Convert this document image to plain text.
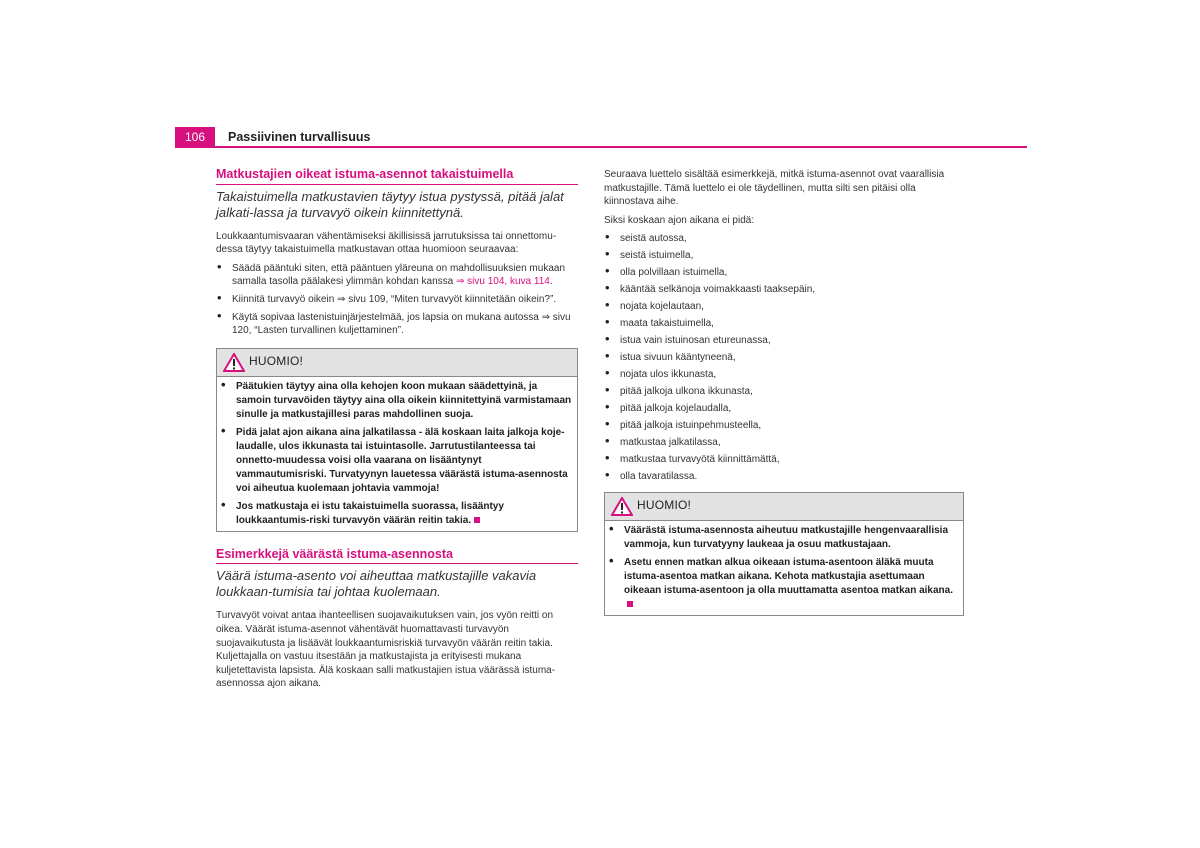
106	Passiivinen turvallisuus
Matkustajien oikeat istuma-asennot takaistuimella
Takaistuimella matkustavien täytyy istua pystyssä, pitää jalat jalkati-lassa ja turvavyö oikein kiinnitettynä.

Loukkaantumisvaaran vähentämiseksi äkillisissä jarrutuksissa tai onnettomu-dessa täytyy takaistuimella matkustavan ottaa huomioon seuraavaa:

• Säädä pääntuki siten, että pääntuen yläreuna on mahdollisuuksien mukaan samalla tasolla päälakesi ylimmän kohdan kanssa ⇒ sivu 104, kuva 114.
• Kiinnitä turvavyö oikein ⇒ sivu 109, “Miten turvavyöt kiinnitetään oikein?”.
• Käytä sopivaa lastenistuinjärjestelmää, jos lapsia on mukana autossa ⇒ sivu 120, “Lasten turvallinen kuljettaminen”.
HUOMIO!
• Päätukien täytyy aina olla kehojen koon mukaan säädettyinä, ja samoin turvavöiden täytyy aina olla oikein kiinnitettyinä varmistamaan sinulle ja matkustajillesi paras mahdollinen suoja.
• Pidä jalat ajon aikana aina jalkatilassa - älä koskaan laita jalkoja koje-laudalle, ulos ikkunasta tai istuintasolle. Jarrutustilanteessa tai onnetto-muudessa voisi olla vaarana on lisääntynyt vammautumisriski. Turvatyynyn lauetessa väärästä istuma-asennosta voi aiheutua kuolemaan johtavia vammoja!
• Jos matkustaja ei istu takaistuimella suorassa, lisääntyy loukkaantumis-riski turvavyön väärän reitin takia.
Esimerkkejä väärästä istuma-asennosta
Väärä istuma-asento voi aiheuttaa matkustajille vakavia loukkaan-tumisia tai johtaa kuolemaan.

Turvavyöt voivat antaa ihanteellisen suojavaikutuksen vain, jos vyön reitti on oikea. Väärät istuma-asennot vähentävät huomattavasti turvavyön suojavaikutusta ja lisäävät loukkaantumisriskiä turvavyön väärän reitin takia. Kuljettajalla on vastuu itsestään ja matkustajista ja erityisesti mukana kuljetettavista lapsista. Älä koskaan salli matkustajien istua väärässä istuma-asennossa ajon aikana.

Seuraava luettelo sisältää esimerkkejä, mitkä istuma-asennot ovat vaarallisia matkustajille. Tämä luettelo ei ole täydellinen, mutta silti sen pitäisi olla kiinnostava aihe.

Siksi koskaan ajon aikana ei pidä:

• seistä autossa,
• seistä istuimella,
• olla polvillaan istuimella,
• kääntää selkänoja voimakkaasti taaksepäin,
• nojata kojelautaan,
• maata takaistuimella,
• istua vain istuinosan etureunassa,
• istua sivuun kääntyneenä,
• nojata ulos ikkunasta,
• pitää jalkoja ulkona ikkunasta,
• pitää jalkoja kojelaudalla,
• pitää jalkoja istuinpehmusteella,
• matkustaa jalkatilassa,
• matkustaa turvavyötä kiinnittämättä,
• olla tavaratilassa.
HUOMIO!
• Väärästä istuma-asennosta aiheutuu matkustajille hengenvaarallisia vammoja, kun turvatyyny laukeaa ja osuu matkustajaan.
• Asetu ennen matkan alkua oikeaan istuma-asentoon äläkä muuta istuma-asentoa matkan aikana. Kehota matkustajia asettumaan oikeaan istuma-asentoon ja olla muuttamatta asentoa matkan aikana.
